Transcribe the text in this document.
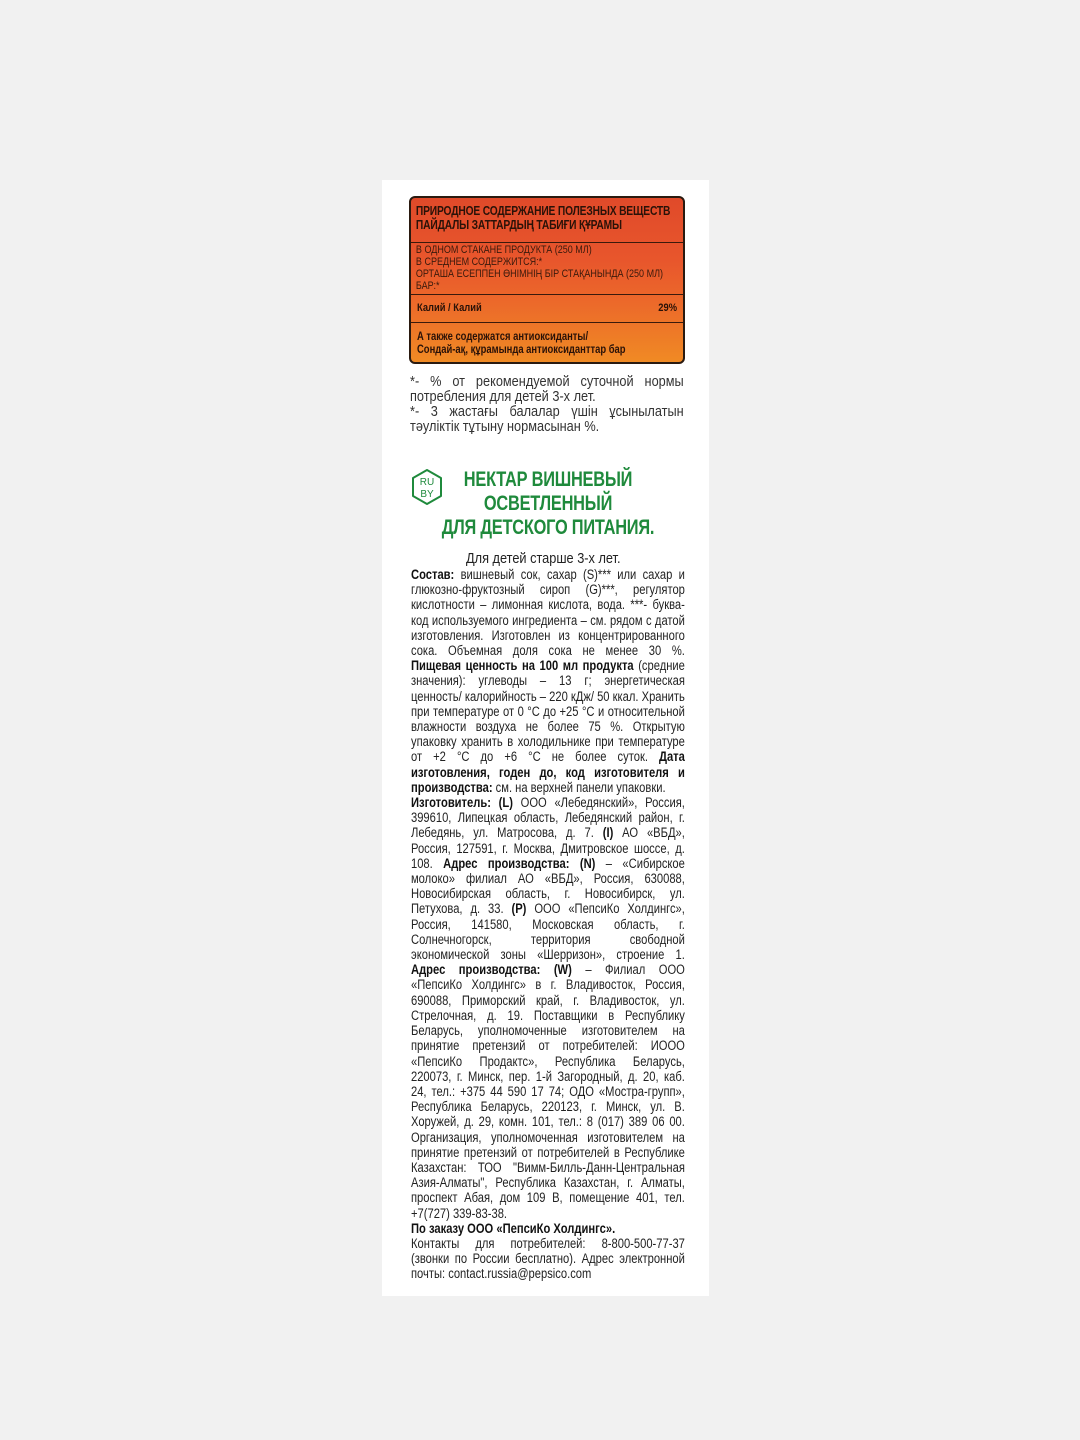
ПРИРОДНОЕ СОДЕРЖАНИЕ ПОЛЕЗНЫХ ВЕЩЕСТВ
ПАЙДАЛЫ ЗАТТАРДЫҢ ТАБИҒИ ҚҰРАМЫ
В ОДНОМ СТАКАНЕ ПРОДУКТА (250 МЛ)
В СРЕДНЕМ СОДЕРЖИТСЯ:*
ОРТАША ЕСЕППЕН ӨНІМНІҢ БІР СТАҚАНЫНДА (250 МЛ) БАР:*
Калий / Калий	29%
А также содержатся антиоксиданты/
Сондай-ақ, құрамында антиоксиданттар бар
*- % от рекомендуемой суточной нормы потребления для детей 3-х лет.
*- 3 жастағы балалар үшін ұсынылатын тәуліктік тұтыну нормасынан %.
RU
BY
НЕКТАР ВИШНЕВЫЙ
ОСВЕТЛЕННЫЙ
ДЛЯ ДЕТСКОГО ПИТАНИЯ.
Для детей старше 3-х лет.
Состав: вишневый сок, сахар (S)*** или сахар и глюкозно-фруктозный сироп (G)***, регулятор кислотности – лимонная кислота, вода. ***- буква-код используемого ингредиента – см. рядом с датой изготовления. Изготовлен из концентрированного сока. Объемная доля сока не менее 30 %. Пищевая ценность на 100 мл продукта (средние значения): углеводы – 13 г; энергетическая ценность/ калорийность – 220 кДж/ 50 ккал. Хранить при температуре от 0 °С до +25 °С и относительной влажности воздуха не более 75 %. Открытую упаковку хранить в холодильнике при температуре от +2 °С до +6 °С не более суток. Дата изготовления, годен до, код изготовителя и производства: см. на верхней панели упаковки.
Изготовитель: (L) ООО «Лебедянский», Россия, 399610, Липецкая область, Лебедянский район, г. Лебедянь, ул. Матросова, д. 7. (I) АО «ВБД», Россия, 127591, г. Москва, Дмитровское шоссе, д. 108. Адрес производства: (N) – «Сибирское молоко» филиал АО «ВБД», Россия, 630088, Новосибирская область, г. Новосибирск, ул. Петухова, д. 33. (P) ООО «ПепсиКо Холдингс», Россия, 141580, Московская область, г. Солнечногорск, территория свободной экономической зоны «Шерризон», строение 1. Адрес производства: (W) – Филиал ООО «ПепсиКо Холдингс» в г. Владивосток, Россия, 690088, Приморский край, г. Владивосток, ул. Стрелочная, д. 19. Поставщики в Республику Беларусь, уполномоченные изготовителем на принятие претензий от потребителей: ИООО «ПепсиКо Продактс», Республика Беларусь, 220073, г. Минск, пер. 1-й Загородный, д. 20, каб. 24, тел.: +375 44 590 17 74; ОДО «Мостра-групп», Республика Беларусь, 220123, г. Минск, ул. В. Хоружей, д. 29, комн. 101, тел.: 8 (017) 389 06 00. Организация, уполномоченная изготовителем на принятие претензий от потребителей в Республике Казахстан: ТОО "Вимм-Билль-Данн-Центральная Азия-Алматы", Республика Казахстан, г. Алматы, проспект Абая, дом 109 В, помещение 401, тел. +7(727) 339-83-38.
По заказу ООО «ПепсиКо Холдингс».
Контакты для потребителей: 8-800-500-77-37 (звонки по России бесплатно). Адрес электронной почты: contact.russia@pepsico.com
